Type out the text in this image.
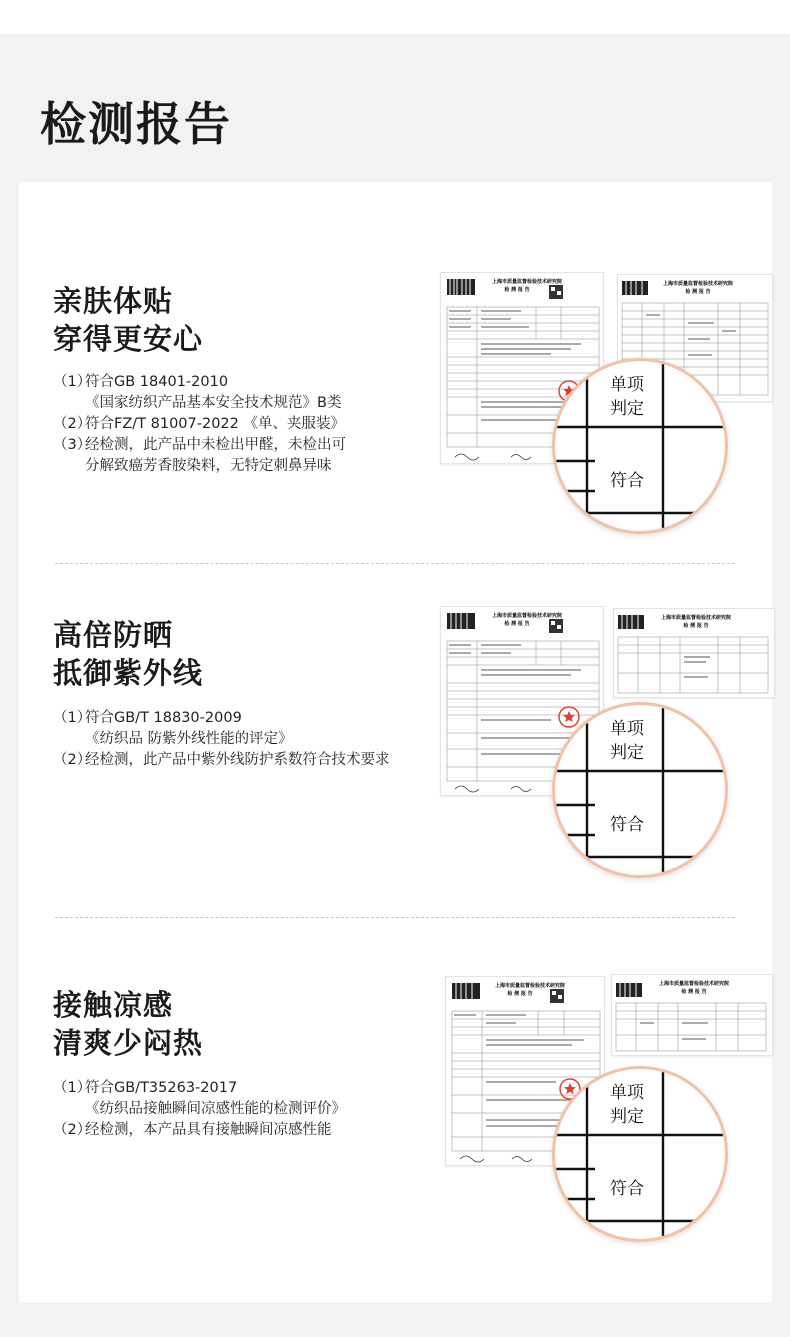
检测报告
亲肤体贴
穿得更安心
（1）
符合GB 18401-2010
《国家纺织产品基本安全技术规范》B类
（2）
符合FZ/T 81007-2022 《单、夹服装》
（3）
经检测，此产品中未检出甲醛，未检出可
分解致癌芳香胺染料，无特定刺鼻异味
上海市质量监督检验技术研究院
检 测 报 告
上海市质量监督检验技术研究院
检 测 报 告
单项
判定
符合
高倍防晒
抵御紫外线
（1）
符合GB/T 18830-2009
《纺织品 防紫外线性能的评定》
（2）
经检测，此产品中紫外线防护系数符合技术要求
上海市质量监督检验技术研究院
检 测 报 告
上海市质量监督检验技术研究院
检 测 报 告
单项
判定
符合
接触凉感
清爽少闷热
（1）
符合GB/T35263-2017
《纺织品接触瞬间凉感性能的检测评价》
（2）
经检测，本产品具有接触瞬间凉感性能
上海市质量监督检验技术研究院
检 测 报 告
上海市质量监督检验技术研究院
检 测 报 告
单项
判定
符合
